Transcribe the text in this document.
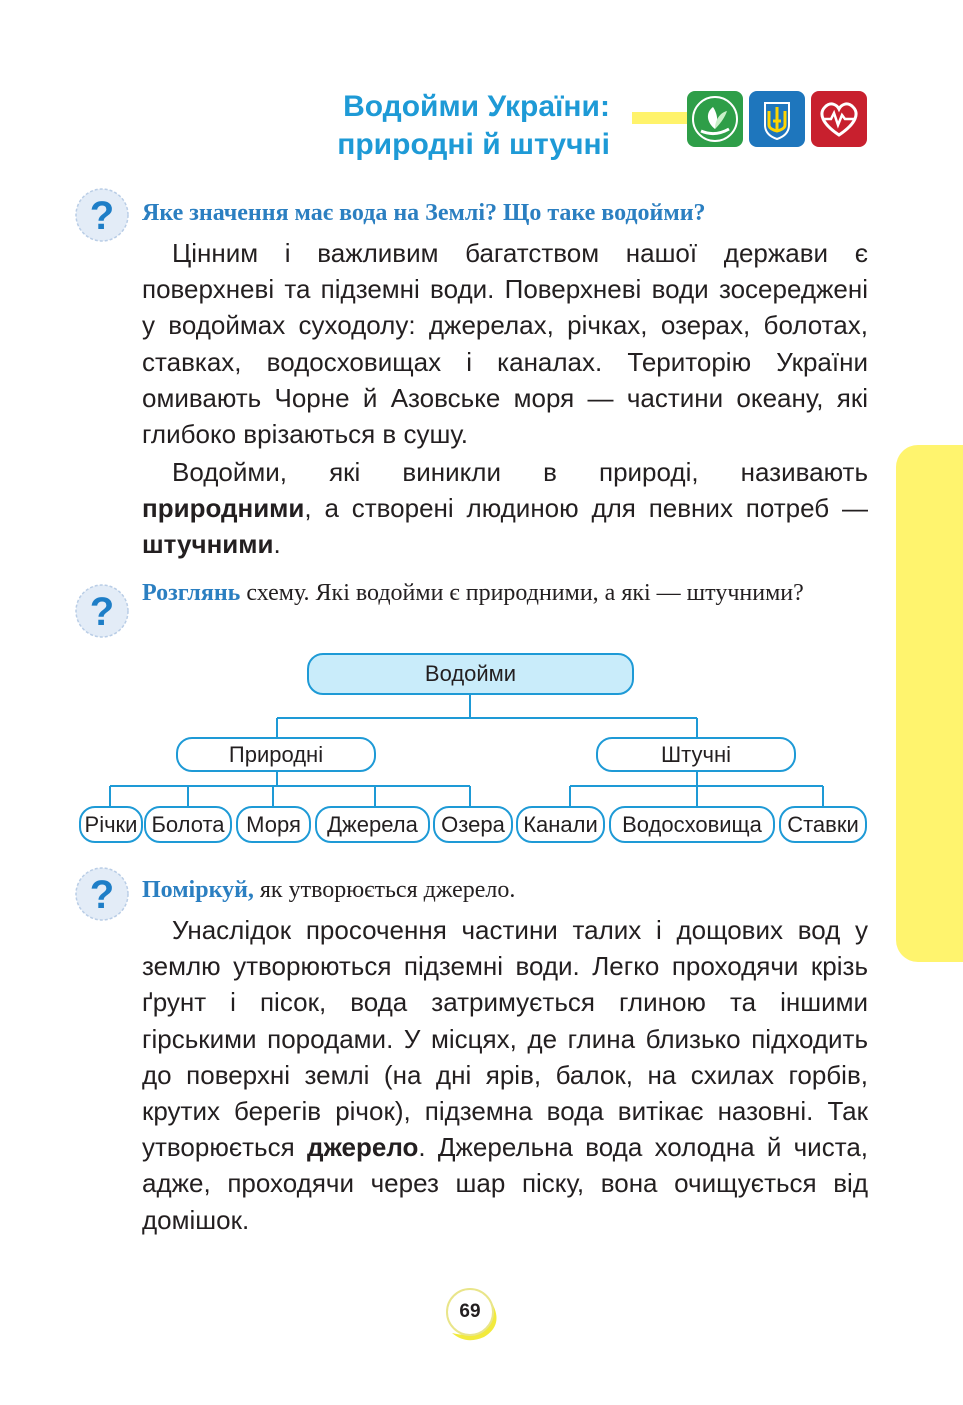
Водойми України:
природні й штучні
? Яке значення має вода на Землі? Що таке водойми?
Цінним і важливим багатством нашої держави є поверхневі та підземні води. Поверхневі води зосереджені у водоймах суходолу: джерелах, річках, озерах, болотах, ставках, водосховищах і каналах. Територію України омивають Чорне й Азовське моря — частини океану, які глибоко врізаються в сушу.
Водойми, які виникли в природі, називають природними, а створені людиною для певних потреб — штучними.
? Розглянь схему. Які водойми є природними, а які — штучними?
Водойми
Природні	Штучні
Річки Болота Моря	Джерела	Озера Канали	Водосховища	Ставки
? Поміркуй, як утворюється джерело.
Унаслідок просочення частини талих і дощових вод у землю утворюються підземні води. Легко проходячи крізь ґрунт і пісок, вода затримується глиною та іншими гірськими породами. У місцях, де глина близько підходить до поверхні землі (на дні ярів, балок, на схилах горбів, крутих берегів річок), підземна вода витікає назовні. Так утворюється джерело. Джерельна вода холодна й чиста, адже, проходячи через шар піску, вона очищується від домішок.
69
